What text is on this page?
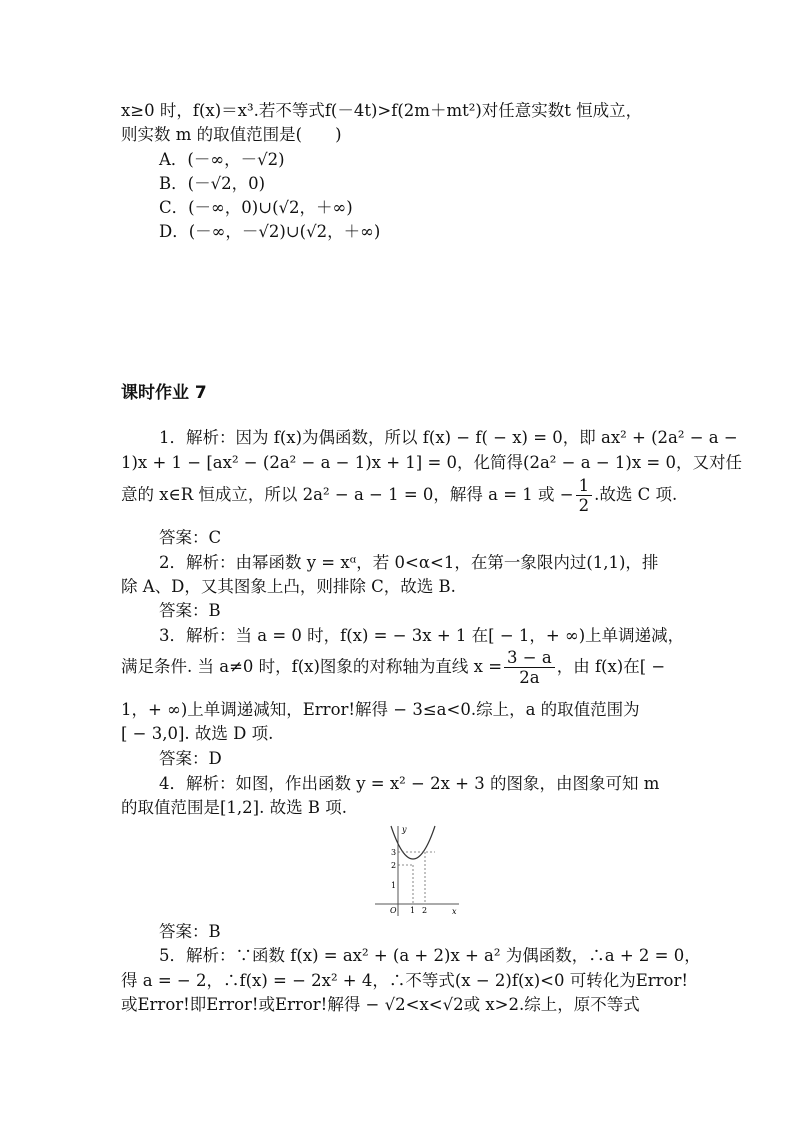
x≥0 时，f(x)＝x³.若不等式f(－4t)>f(2m＋mt²)对任意实数t 恒成立，
则实数 m 的取值范围是(　　)
A．(－∞，－√2)
B．(－√2，0)
C．(－∞，0)∪(√2，＋∞)
D．(－∞，－√2)∪(√2，＋∞)
课时作业 7
1．解析：因为 f(x)为偶函数，所以 f(x) − f( − x) = 0，即 ax² + (2a² − a −
1)x + 1 − [ax² − (2a² − a − 1)x + 1] = 0，化简得(2a² − a − 1)x = 0，又对任
意的 x∈R 恒成立，所以 2a² − a − 1 = 0，解得 a = 1 或 − $\frac{1}{2}$ .故选 C 项.
答案：C
2．解析：由幂函数 y = xᵅ，若 0<α<1，在第一象限内过(1,1)，排
除 A、D，又其图象上凸，则排除 C，故选 B.
答案：B
3．解析：当 a = 0 时，f(x) = − 3x + 1 在[ − 1，+ ∞)上单调递减，
满足条件. 当 a≠0 时，f(x)图象的对称轴为直线 $x = \frac{3 - a}{2a}$ ，由 f(x)在[ −
1，+ ∞)上单调递减知，Error!解得 − 3≤a<0.综上，a 的取值范围为
[ − 3,0]. 故选 D 项.
答案：D
4．解析：如图，作出函数 y = x² − 2x + 3 的图象，由图象可知 m
的取值范围是[1,2]. 故选 B 项.
y
x
O
3
2
1
1 2
答案：B
5．解析：∵函数 f(x) = ax² + (a + 2)x + a² 为偶函数，∴a + 2 = 0，
得 a = − 2，∴f(x) = − 2x² + 4，∴不等式(x − 2)f(x)<0 可转化为Error!
或Error!即Error!或Error!解得 − √2<x<√2或 x>2.综上，原不等式
